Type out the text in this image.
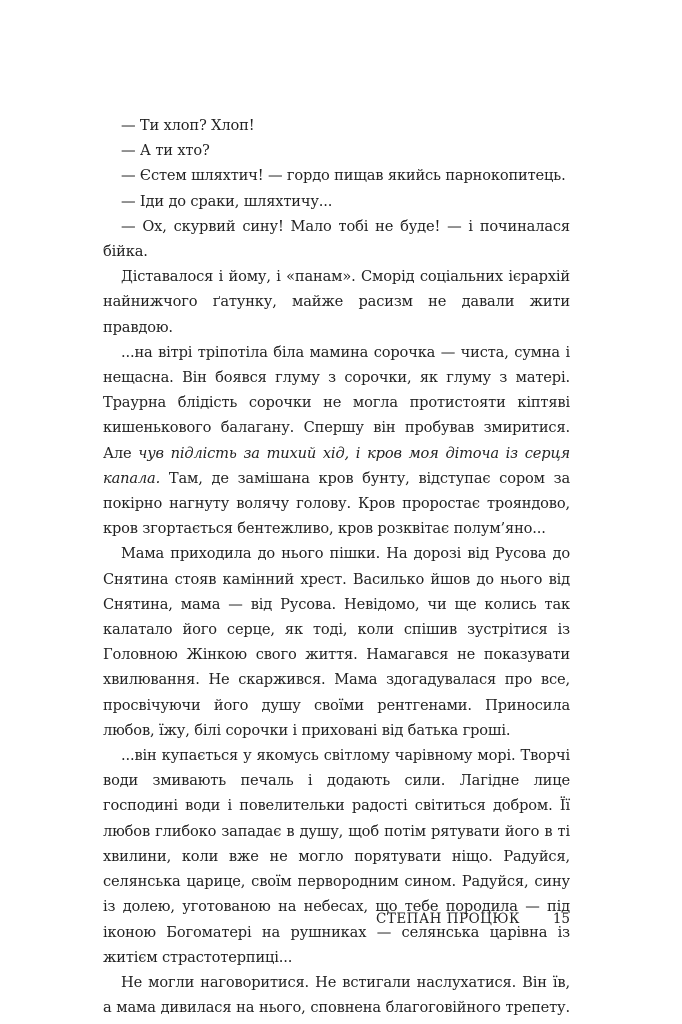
— Ти хлоп? Хлоп!

— А ти хто?

— Єстем шляхтич! — гордо пищав якийсь парнокопитець.

— Іди до сраки, шляхтичу...

— Ох, скурвий сину! Мало тобі не буде! — і починалася бійка.

Діставалося і йому, і «панам». Сморід соціальних ієрархій найнижчого ґатунку, майже расизм не давали жити правдою.

...на вітрі тріпотіла біла мамина сорочка — чиста, сумна і нещасна. Він боявся глуму з сорочки, як глуму з матері. Траурна блідість сорочки не могла протистояти кіптяві кишенькового балагану. Спершу він пробував змиритися. Але чув підлість за тихий хід, і кров моя діточа із серця капала. Там, де замішана кров бунту, відступає сором за покірно нагнуту волячу голову. Кров проростає трояндово, кров згортається бентежливо, кров розквітає полум’яно...

Мама приходила до нього пішки. На дорозі від Русова до Снятина стояв камінний хрест. Василько йшов до нього від Снятина, мама — від Русова. Невідомо, чи ще колись так калатало його серце, як тоді, коли спішив зустрітися із Головною Жінкою свого життя. Намагався не показувати хвилювання. Не скаржився. Мама здогадувалася про все, просвічуючи його душу своїми рентгенами. Приносила любов, їжу, білі сорочки і приховані від батька гроші.

...він купається у якомусь світлому чарівному морі. Творчі води змивають печаль і додають сили. Лагідне лице господині води і повелительки радості світиться добром. Її любов глибоко западає в душу, щоб потім рятувати його в ті хвилини, коли вже не могло порятувати ніщо. Радуйся, селянська царице, своїм первородним сином. Радуйся, сину із долею, уготованою на небесах, що тебе породила — під іконою Богоматері на рушниках — селянська царівна із житієм страстотерпиці...

Не могли наговоритися. Не встигали наслухатися. Він їв, а мама дивилася на нього, сповнена благоговійного трепету.

СТЕПАН ПРОЦЮК 15
